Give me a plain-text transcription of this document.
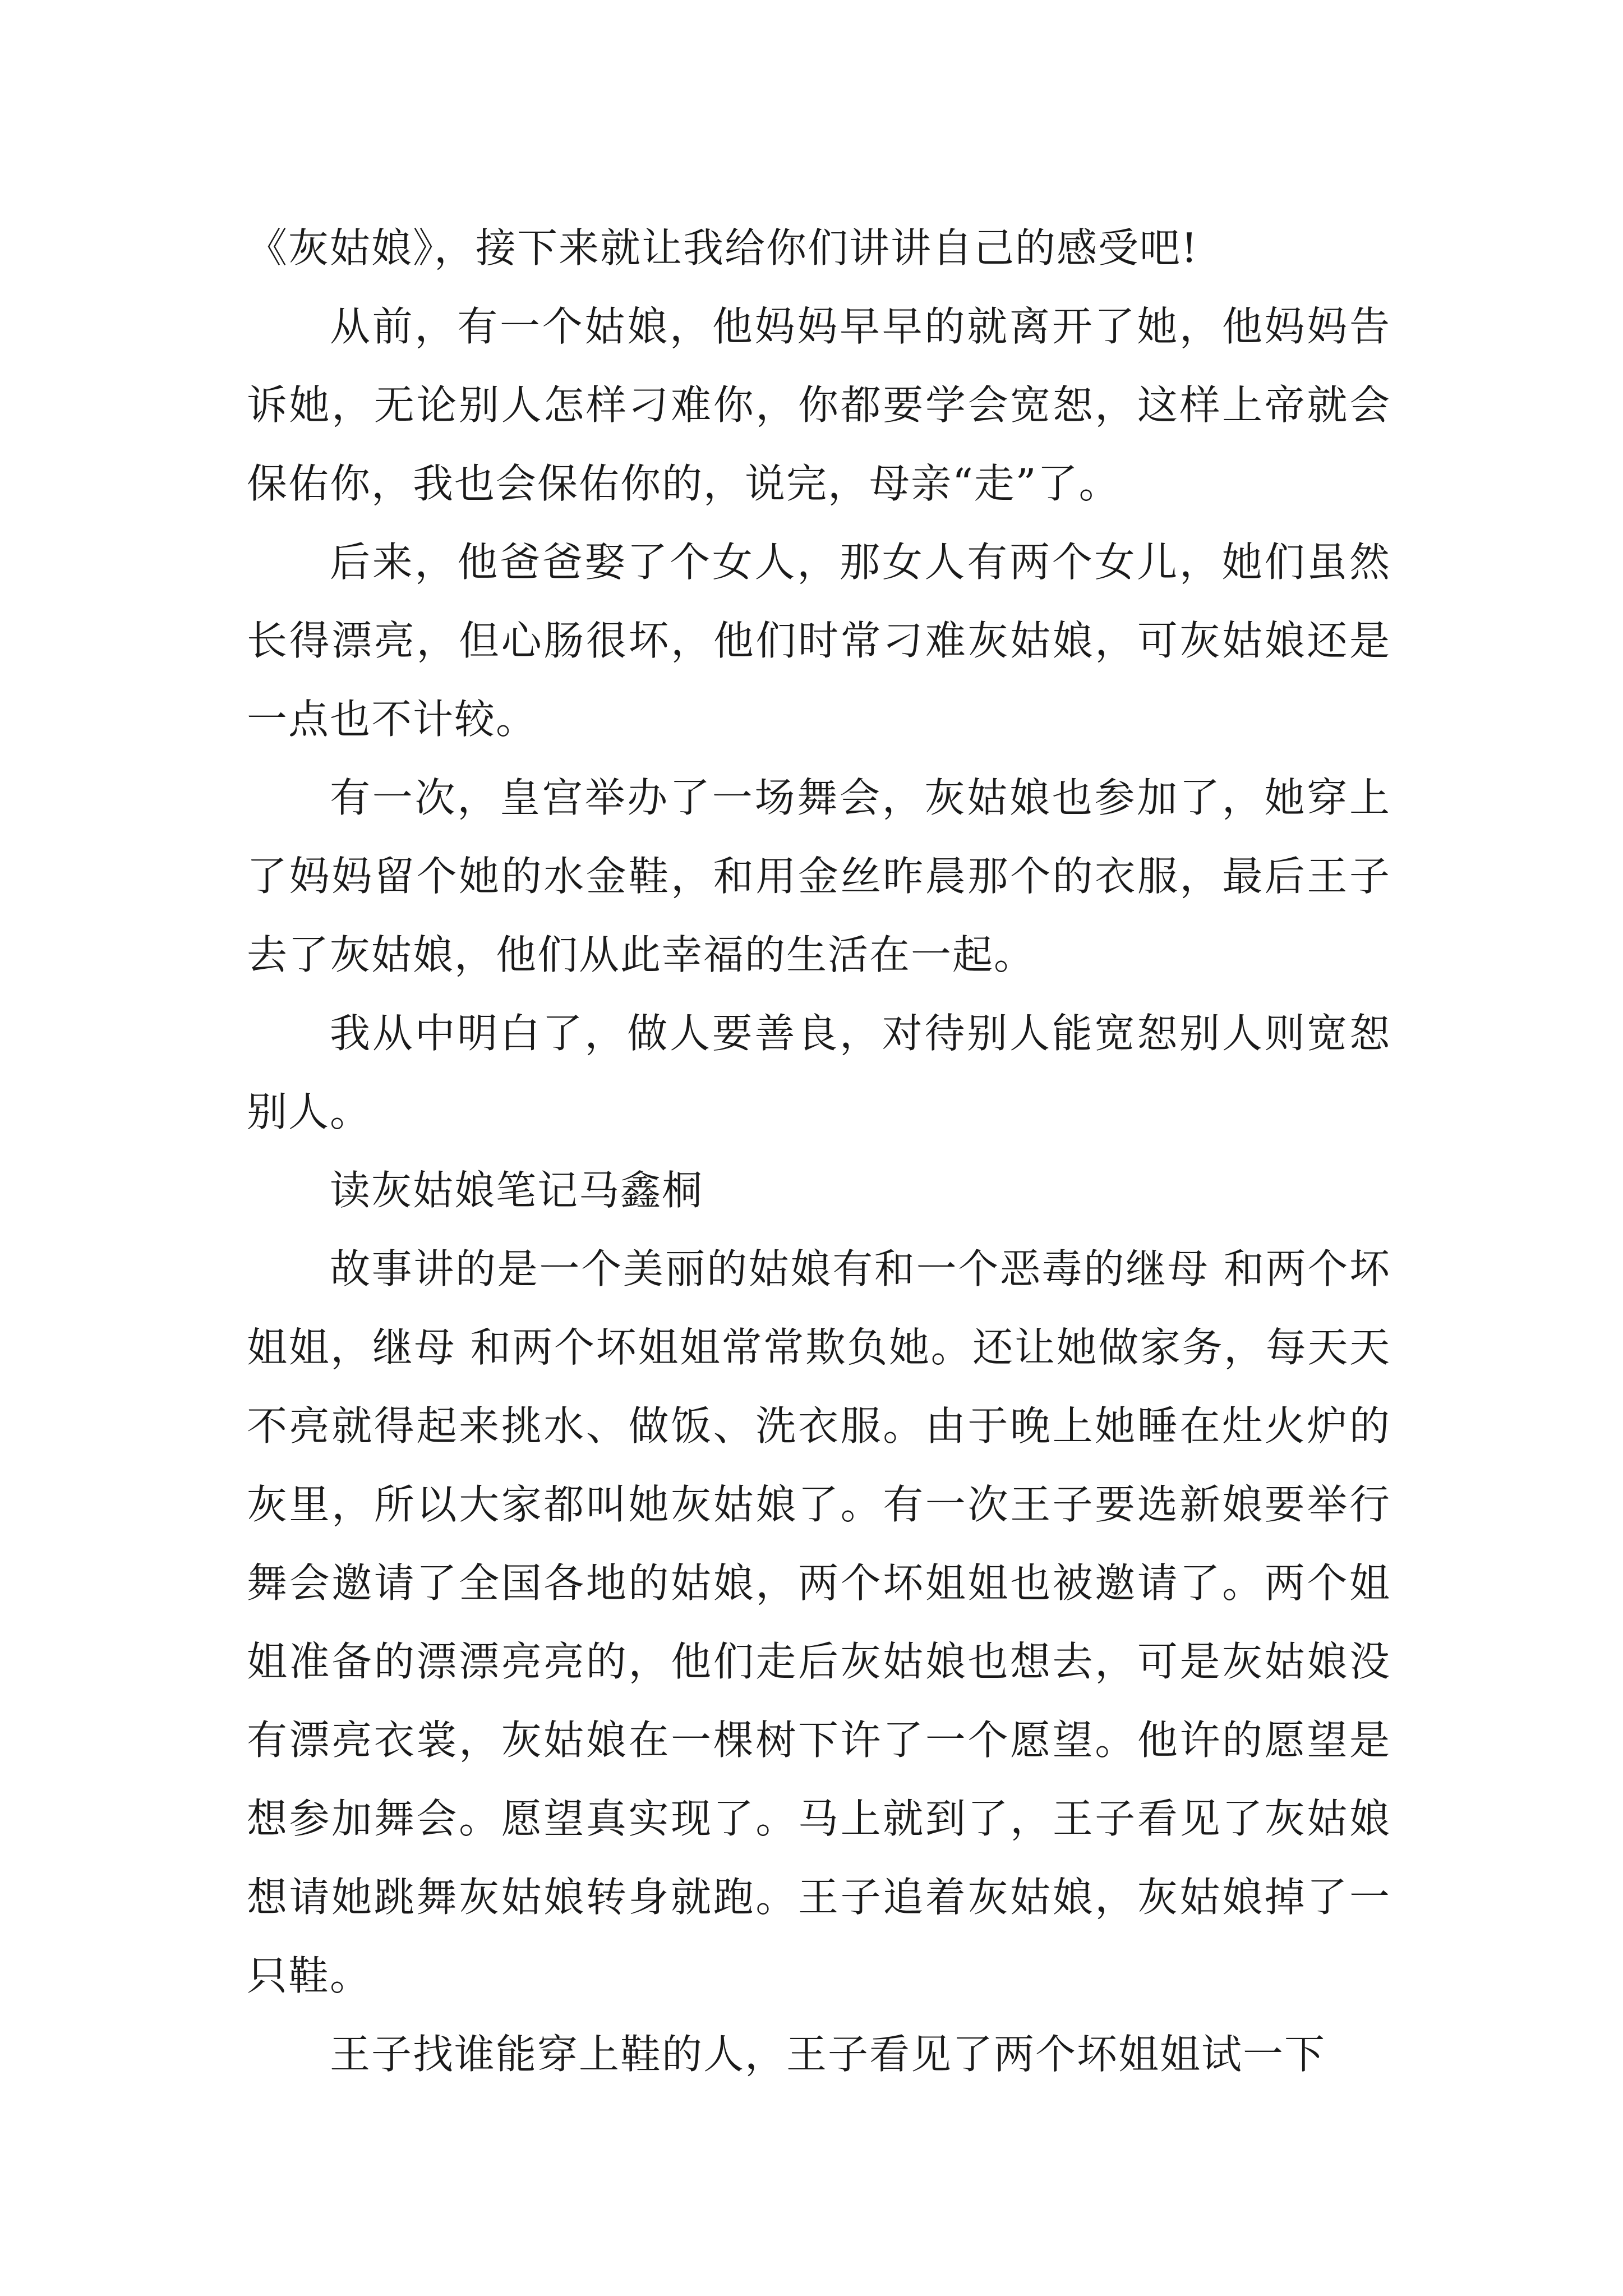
《灰姑娘》，接下来就让我给你们讲讲自己的感受吧!

从前，有一个姑娘，他妈妈早早的就离开了她，他妈妈告诉她，无论别人怎样刁难你，你都要学会宽恕，这样上帝就会保佑你，我也会保佑你的，说完，母亲“走”了。

后来，他爸爸娶了个女人，那女人有两个女儿，她们虽然长得漂亮，但心肠很坏，他们时常刁难灰姑娘，可灰姑娘还是一点也不计较。

有一次，皇宫举办了一场舞会，灰姑娘也参加了，她穿上了妈妈留个她的水金鞋，和用金丝昨晨那个的衣服，最后王子去了灰姑娘，他们从此幸福的生活在一起。

我从中明白了，做人要善良，对待别人能宽恕别人则宽恕别人。

读灰姑娘笔记马鑫桐

故事讲的是一个美丽的姑娘有和一个恶毒的继母 和两个坏姐姐，继母 和两个坏姐姐常常欺负她。还让她做家务，每天天不亮就得起来挑水、做饭、洗衣服。由于晚上她睡在灶火炉的灰里，所以大家都叫她灰姑娘了。有一次王子要选新娘要举行舞会邀请了全国各地的姑娘，两个坏姐姐也被邀请了。两个姐姐准备的漂漂亮亮的，他们走后灰姑娘也想去，可是灰姑娘没有漂亮衣裳，灰姑娘在一棵树下许了一个愿望。他许的愿望是想参加舞会。愿望真实现了。马上就到了，王子看见了灰姑娘想请她跳舞灰姑娘转身就跑。王子追着灰姑娘，灰姑娘掉了一只鞋。

王子找谁能穿上鞋的人，王子看见了两个坏姐姐试一下
